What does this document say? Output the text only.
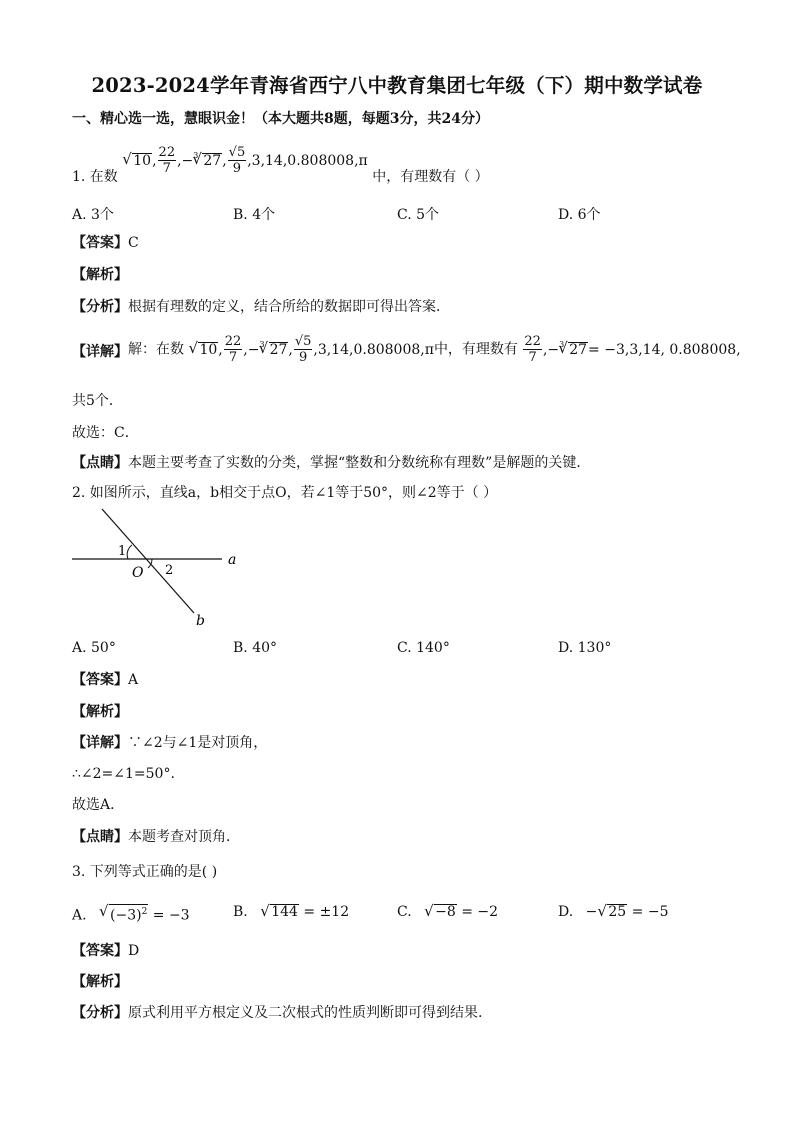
2023-2024学年青海省西宁八中教育集团七年级（下）期中数学试卷
一、精心选一选，慧眼识金！（本大题共8题，每题3分，共24分）
1. 在数 √ 10, $\frac{22}{7} ,-^3√$ 27, $\frac{√5}{9} ,3,14,0.808008,\pi$ 中，有理数有（ ）
A. 3个	B. 4个	C. 5个	D. 6个
【答案】C
【解析】
【分析】根据有理数的定义，结合所给的数据即可得出答案．
【详解】解：在数 √ 10, $\frac{22}{7} ,-^3√$ 27, $\frac{√5}{9} ,3,14,0.808008,\pi$中，有理数有 $\frac{22}{7} ,-^3√$ 27= −3,3,14, 0.808008,
共5个．
故选：C．
【点睛】本题主要考查了实数的分类，掌握“整数和分数统称有理数”是解题的关键．
2. 如图所示，直线a，b相交于点O，若∠1等于50°，则∠2等于（ ）
a
b
O
1
2
A. 50°	B. 40°	C. 140°	D. 130°
【答案】A
【解析】
【详解】∵∠2与∠1是对顶角，
∴∠2=∠1=50°.
故选A．
【点睛】本题考查对顶角．
3. 下列等式正确的是( )
A. √ $(-3)^2 = -3$	B. √ 144 = ±12	C. √ −8 = −2	D. −√ 25 = −5
【答案】D
【解析】
【分析】原式利用平方根定义及二次根式的性质判断即可得到结果.
